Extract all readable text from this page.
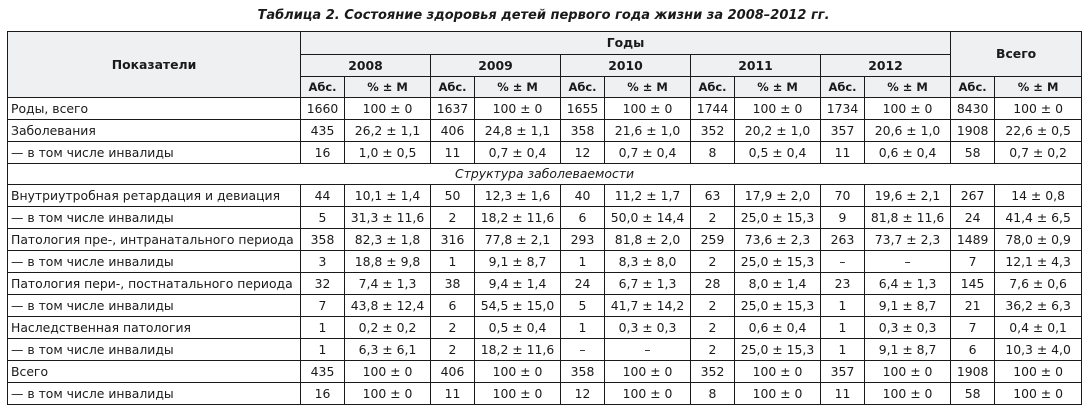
Таблица 2. Состояние здоровья детей первого года жизни за 2008–2012 гг.
Показатели	Годы										Всего	
	2008		2009		2010		2011		2012			
	Абс.	% ± M	Абс.	% ± M	Абс.	% ± M	Абс.	% ± M	Абс.	% ± M	Абс.	% ± M
Роды, всего	1660	100 ± 0	1637	100 ± 0	1655	100 ± 0	1744	100 ± 0	1734	100 ± 0	8430	100 ± 0
Заболевания	435	26,2 ± 1,1	406	24,8 ± 1,1	358	21,6 ± 1,0	352	20,2 ± 1,0	357	20,6 ± 1,0	1908	22,6 ± 0,5
— в том числе инвалиды	16	1,0 ± 0,5	11	0,7 ± 0,4	12	0,7 ± 0,4	8	0,5 ± 0,4	11	0,6 ± 0,4	58	0,7 ± 0,2
Структура заболеваемости												
Внутриутробная ретардация и девиация	44	10,1 ± 1,4	50	12,3 ± 1,6	40	11,2 ± 1,7	63	17,9 ± 2,0	70	19,6 ± 2,1	267	14 ± 0,8
— в том числе инвалиды	5	31,3 ± 11,6	2	18,2 ± 11,6	6	50,0 ± 14,4	2	25,0 ± 15,3	9	81,8 ± 11,6	24	41,4 ± 6,5
Патология пре-, интранатального периода	358	82,3 ± 1,8	316	77,8 ± 2,1	293	81,8 ± 2,0	259	73,6 ± 2,3	263	73,7 ± 2,3	1489	78,0 ± 0,9
— в том числе инвалиды	3	18,8 ± 9,8	1	9,1 ± 8,7	1	8,3 ± 8,0	2	25,0 ± 15,3	–	–	7	12,1 ± 4,3
Патология пери-, постнатального периода	32	7,4 ± 1,3	38	9,4 ± 1,4	24	6,7 ± 1,3	28	8,0 ± 1,4	23	6,4 ± 1,3	145	7,6 ± 0,6
— в том числе инвалиды	7	43,8 ± 12,4	6	54,5 ± 15,0	5	41,7 ± 14,2	2	25,0 ± 15,3	1	9,1 ± 8,7	21	36,2 ± 6,3
Наследственная патология	1	0,2 ± 0,2	2	0,5 ± 0,4	1	0,3 ± 0,3	2	0,6 ± 0,4	1	0,3 ± 0,3	7	0,4 ± 0,1
— в том числе инвалиды	1	6,3 ± 6,1	2	18,2 ± 11,6	–	–	2	25,0 ± 15,3	1	9,1 ± 8,7	6	10,3 ± 4,0
Всего	435	100 ± 0	406	100 ± 0	358	100 ± 0	352	100 ± 0	357	100 ± 0	1908	100 ± 0
— в том числе инвалиды	16	100 ± 0	11	100 ± 0	12	100 ± 0	8	100 ± 0	11	100 ± 0	58	100 ± 0
